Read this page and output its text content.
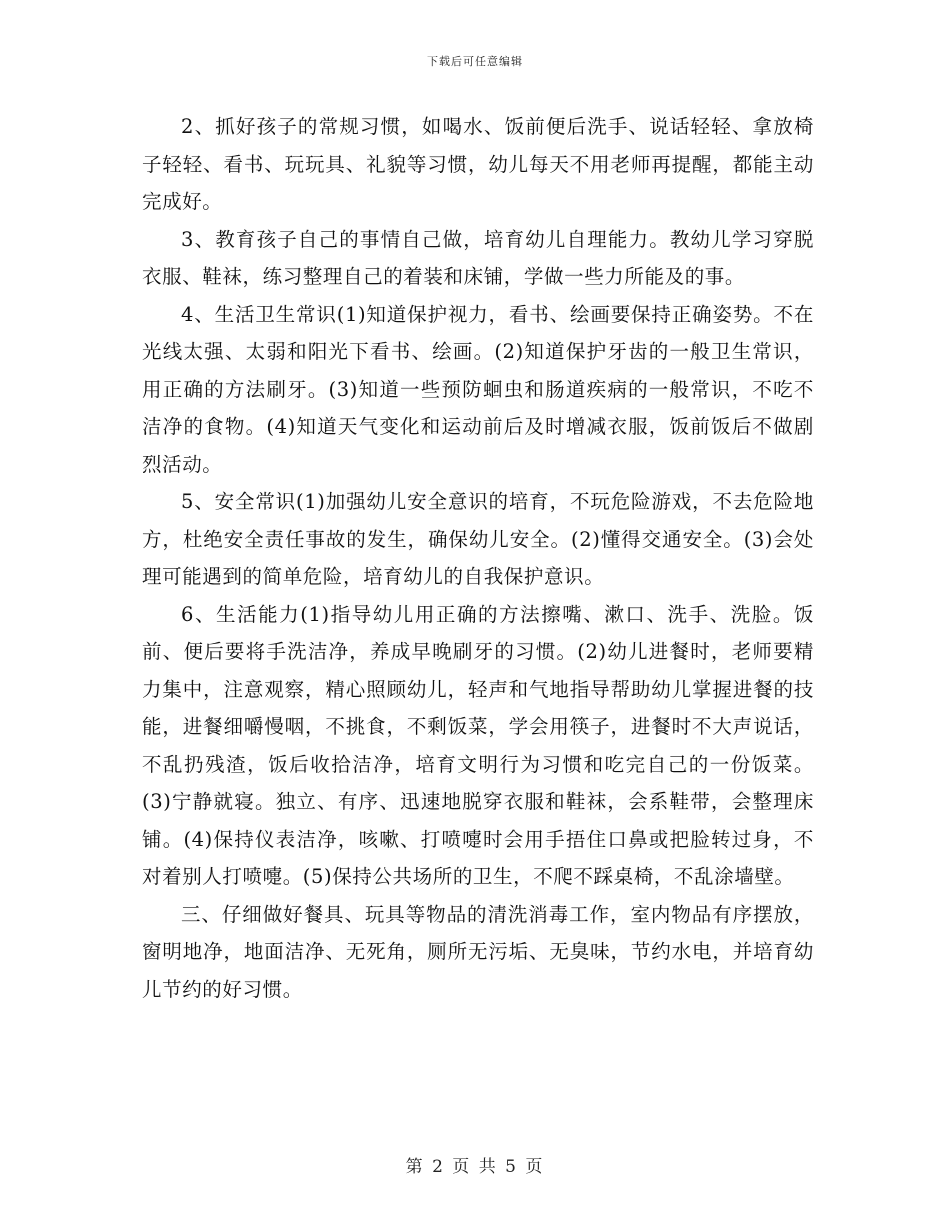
下载后可任意编辑

2、抓好孩子的常规习惯，如喝水、饭前便后洗手、说话轻轻、拿放椅子轻轻、看书、玩玩具、礼貌等习惯，幼儿每天不用老师再提醒，都能主动完成好。

3、教育孩子自己的事情自己做，培育幼儿自理能力。教幼儿学习穿脱衣服、鞋袜，练习整理自己的着装和床铺，学做一些力所能及的事。

4、生活卫生常识(1)知道保护视力，看书、绘画要保持正确姿势。不在光线太强、太弱和阳光下看书、绘画。(2)知道保护牙齿的一般卫生常识，用正确的方法刷牙。(3)知道一些预防蛔虫和肠道疾病的一般常识，不吃不洁净的食物。(4)知道天气变化和运动前后及时增减衣服，饭前饭后不做剧烈活动。

5、安全常识(1)加强幼儿安全意识的培育，不玩危险游戏，不去危险地方，杜绝安全责任事故的发生，确保幼儿安全。(2)懂得交通安全。(3)会处理可能遇到的简单危险，培育幼儿的自我保护意识。

6、生活能力(1)指导幼儿用正确的方法擦嘴、漱口、洗手、洗脸。饭前、便后要将手洗洁净，养成早晚刷牙的习惯。(2)幼儿进餐时，老师要精力集中，注意观察，精心照顾幼儿，轻声和气地指导帮助幼儿掌握进餐的技能，进餐细嚼慢咽，不挑食，不剩饭菜，学会用筷子，进餐时不大声说话，不乱扔残渣，饭后收拾洁净，培育文明行为习惯和吃完自己的一份饭菜。(3)宁静就寝。独立、有序、迅速地脱穿衣服和鞋袜，会系鞋带，会整理床铺。(4)保持仪表洁净，咳嗽、打喷嚏时会用手捂住口鼻或把脸转过身，不对着别人打喷嚏。(5)保持公共场所的卫生，不爬不踩桌椅，不乱涂墙壁。

三、仔细做好餐具、玩具等物品的清洗消毒工作，室内物品有序摆放，窗明地净，地面洁净、无死角，厕所无污垢、无臭味，节约水电，并培育幼儿节约的好习惯。

第 2 页 共 5 页
